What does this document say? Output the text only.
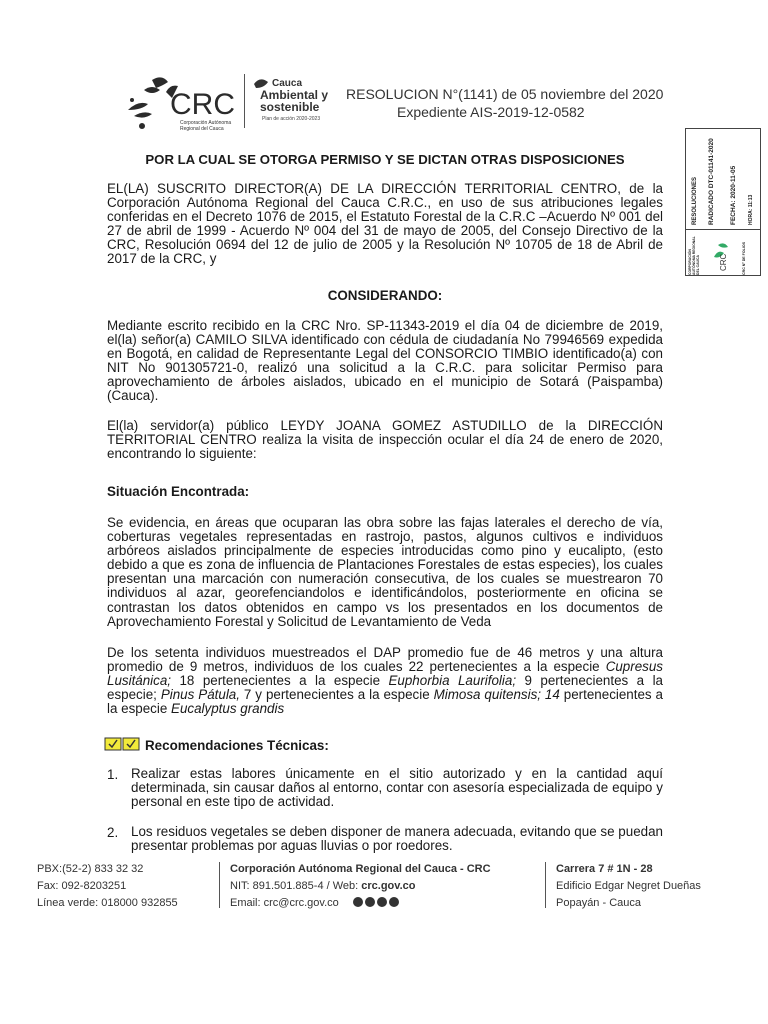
CRC
Corporación Autónoma
Regional del Cauca
Cauca
Ambiental y
sostenible
Plan de acción 2020-2023
RESOLUCION N°(1141) de 05 noviembre del 2020
Expediente AIS-2019-12-0582
RESOLUCIONES RADICADO DTC-01141-2020 FECHA: 2020-11-05 HORA: 11:13
CORPORACIÓN AUTÓNOMA REGIONAL DEL CAUCA CRC	CRC Nº DE FOLIOS

POR LA CUAL SE OTORGA PERMISO Y SE DICTAN OTRAS DISPOSICIONES

EL(LA) SUSCRITO DIRECTOR(A) DE LA DIRECCIÓN TERRITORIAL CENTRO, de la Corporación Autónoma Regional del Cauca C.R.C., en uso de sus atribuciones legales conferidas en el Decreto 1076 de 2015, el Estatuto Forestal de la C.R.C –Acuerdo Nº 001 del 27 de abril de 1999 - Acuerdo Nº 004 del 31 de mayo de 2005, del Consejo Directivo de la CRC, Resolución 0694 del 12 de julio de 2005 y la Resolución Nº 10705 de 18 de Abril de 2017 de la CRC, y

CONSIDERANDO:

Mediante escrito recibido en la CRC Nro. SP-11343-2019 el día 04 de diciembre de 2019, el(la) señor(a) CAMILO SILVA identificado con cédula de ciudadanía No 79946569 expedida en Bogotá, en calidad de Representante Legal del CONSORCIO TIMBIO identificado(a) con NIT No 901305721-0, realizó una solicitud a la C.R.C. para solicitar Permiso para aprovechamiento de árboles aislados, ubicado en el municipio de Sotará (Paispamba) (Cauca).

El(la) servidor(a) público LEYDY JOANA GOMEZ ASTUDILLO de la DIRECCIÓN TERRITORIAL CENTRO realiza la visita de inspección ocular el día 24 de enero de 2020, encontrando lo siguiente:

Situación Encontrada:

Se evidencia, en áreas que ocuparan las obra sobre las fajas laterales el derecho de vía, coberturas vegetales representadas en rastrojo, pastos, algunos cultivos e individuos arbóreos aislados principalmente de especies introducidas como pino y eucalipto, (esto debido a que es zona de influencia de Plantaciones Forestales de estas especies), los cuales presentan una marcación con numeración consecutiva, de los cuales se muestrearon 70 individuos al azar, georefenciandolos e identificándolos, posteriormente en oficina se contrastan los datos obtenidos en campo vs los presentados en los documentos de Aprovechamiento Forestal y Solicitud de Levantamiento de Veda

De los setenta individuos muestreados el DAP promedio fue de 46 metros y una altura promedio de 9 metros, individuos de los cuales 22 pertenecientes a la especie Cupresus Lusitánica; 18 pertenecientes a la especie Euphorbia Laurifolia; 9 pertenecientes a la especie; Pinus Pátula, 7 y pertenecientes a la especie Mimosa quitensis; 14 pertenecientes a la especie Eucalyptus grandis

Recomendaciones Técnicas:
1. Realizar estas labores únicamente en el sitio autorizado y en la cantidad aquí determinada, sin causar daños al entorno, contar con asesoría especializada de equipo y personal en este tipo de actividad.

2. Los residuos vegetales se deben disponer de manera adecuada, evitando que se puedan presentar problemas por aguas lluvias o por roedores.

PBX:(52-2) 833 32 32
Fax: 092-8203251
Línea verde: 018000 932855
Corporación Autónoma Regional del Cauca - CRC
NIT: 891.501.885-4 / Web: crc.gov.co
Email: crc@crc.gov.co
Carrera 7 # 1N - 28
Edificio Edgar Negret Dueñas
Popayán - Cauca
